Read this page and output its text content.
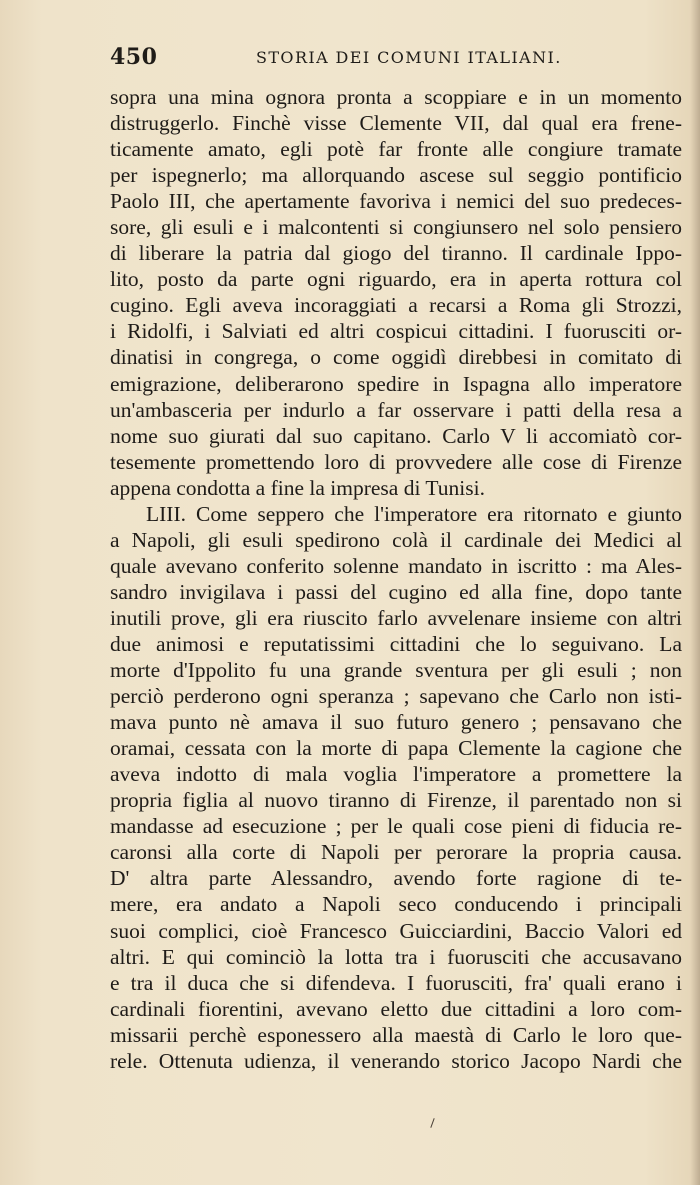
450	STORIA DEI COMUNI ITALIANI.
sopra una mina ognora pronta a scoppiare e in un momento
distruggerlo. Finchè visse Clemente VII, dal qual era frene-
ticamente amato, egli potè far fronte alle congiure tramate
per ispegnerlo; ma allorquando ascese sul seggio pontificio
Paolo III, che apertamente favoriva i nemici del suo predeces-
sore, gli esuli e i malcontenti si congiunsero nel solo pensiero
di liberare la patria dal giogo del tiranno. Il cardinale Ippo-
lito, posto da parte ogni riguardo, era in aperta rottura col
cugino. Egli aveva incoraggiati a recarsi a Roma gli Strozzi,
i Ridolfi, i Salviati ed altri cospicui cittadini. I fuorusciti or-
dinatisi in congrega, o come oggidì direbbesi in comitato di
emigrazione, deliberarono spedire in Ispagna allo imperatore
un'ambasceria per indurlo a far osservare i patti della resa a
nome suo giurati dal suo capitano. Carlo V li accomiatò cor-
tesemente promettendo loro di provvedere alle cose di Firenze
appena condotta a fine la impresa di Tunisi.
LIII. Come seppero che l'imperatore era ritornato e giunto
a Napoli, gli esuli spedirono colà il cardinale dei Medici al
quale avevano conferito solenne mandato in iscritto : ma Ales-
sandro invigilava i passi del cugino ed alla fine, dopo tante
inutili prove, gli era riuscito farlo avvelenare insieme con altri
due animosi e reputatissimi cittadini che lo seguivano. La
morte d'Ippolito fu una grande sventura per gli esuli ; non
perciò perderono ogni speranza ; sapevano che Carlo non isti-
mava punto nè amava il suo futuro genero ; pensavano che
oramai, cessata con la morte di papa Clemente la cagione che
aveva indotto di mala voglia l'imperatore a promettere la
propria figlia al nuovo tiranno di Firenze, il parentado non si
mandasse ad esecuzione ; per le quali cose pieni di fiducia re-
caronsi alla corte di Napoli per perorare la propria causa.
D' altra parte Alessandro, avendo forte ragione di te-
mere, era andato a Napoli seco conducendo i principali
suoi complici, cioè Francesco Guicciardini, Baccio Valori ed
altri. E qui cominciò la lotta tra i fuorusciti che accusavano
e tra il duca che si difendeva. I fuorusciti, fra' quali erano i
cardinali fiorentini, avevano eletto due cittadini a loro com-
missarii perchè esponessero alla maestà di Carlo le loro que-
rele. Ottenuta udienza, il venerando storico Jacopo Nardi che
